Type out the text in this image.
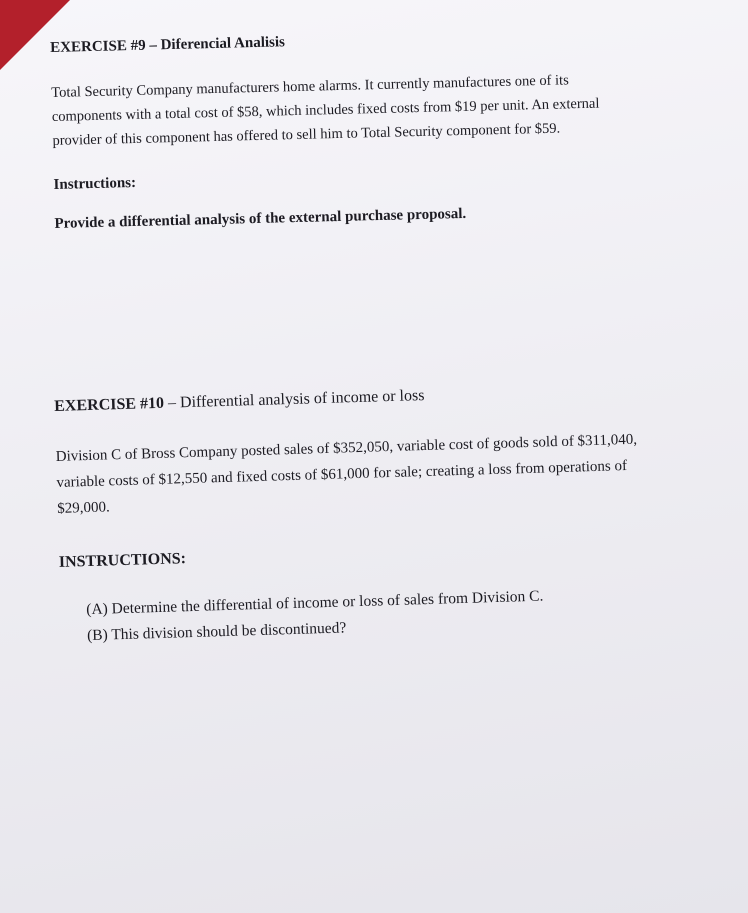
EXERCISE #9 – Diferencial Analisis

Total Security Company manufacturers home alarms. It currently manufactures one of its
components with a total cost of $58, which includes fixed costs from $19 per unit. An external
provider of this component has offered to sell him to Total Security component for $59.

Instructions:

Provide a differential analysis of the external purchase proposal.

EXERCISE #10 – Differential analysis of income or loss

Division C of Bross Company posted sales of $352,050, variable cost of goods sold of $311,040,
variable costs of $12,550 and fixed costs of $61,000 for sale; creating a loss from operations of
$29,000.

INSTRUCTIONS:

(A) Determine the differential of income or loss of sales from Division C.
(B) This division should be discontinued?
